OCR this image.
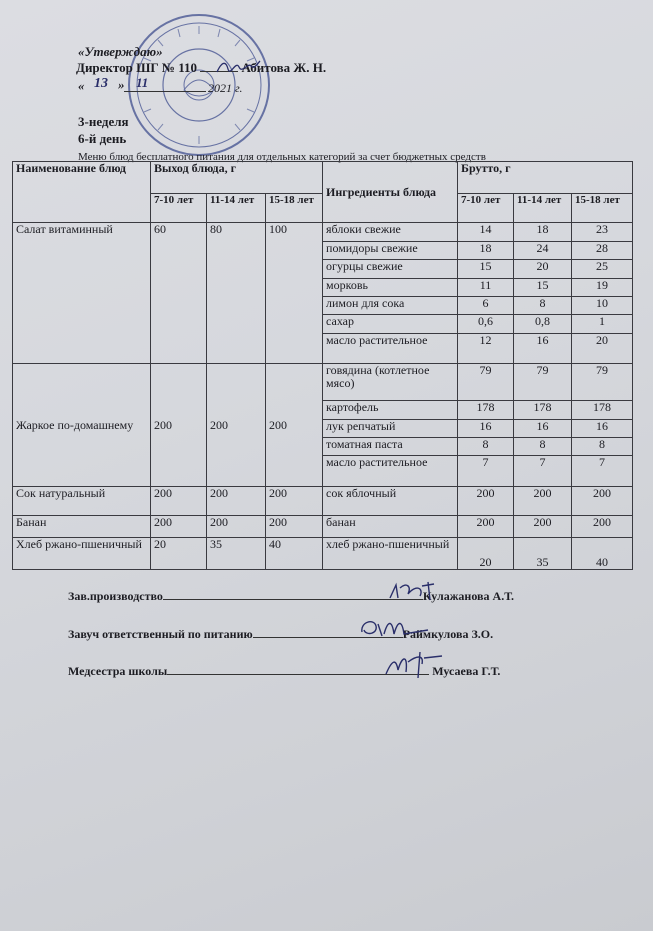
«Утверждаю»
Директор ШГ № 110	Абитова Ж. Н.
« 13 » 11	2021 г.
3-неделя
6-й день
Меню блюд бесплатного питания для отдельных категорий за счет бюджетных средств
Наименование блюд	Выход блюда, г			Ингредиенты блюда	Брутто, г		
	7-10 лет	11-14 лет	15-18 лет		7-10 лет	11-14 лет	15-18 лет
Салат витаминный	60	80	100	яблоки свежие	14	18	23
				помидоры свежие	18	24	28
				огурцы свежие	15	20	25
				морковь	11	15	19
				лимон для сока	6	8	10
				сахар	0,6	0,8	1
				масло растительное	12	16	20
Жаркое по-домашнему	200	200	200	говядина (котлетное мясо)	79	79	79
				картофель	178	178	178
				лук репчатый	16	16	16
				томатная паста	8	8	8
				масло растительное	7	7	7
Сок натуральный	200	200	200	сок яблочный	200	200	200
Банан	200	200	200	банан	200	200	200
Хлеб ржано-пшеничный	20	35	40	хлеб ржано-пшеничный	20	35	40
Зав.производство	Кулажанова А.Т.
Завуч ответственный по питанию	Раймкулова З.О.
Медсестра школы	Мусаева Г.Т.
